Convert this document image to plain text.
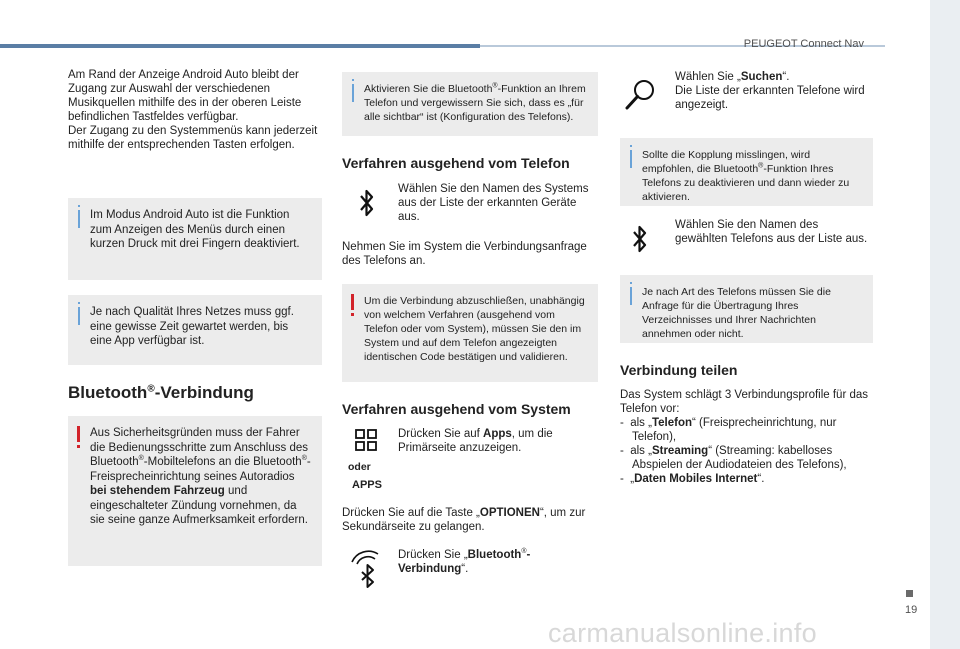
PEUGEOT Connect Nav
19
carmanualsonline.info

Am Rand der Anzeige Android Auto bleibt der Zugang zur Auswahl der verschiedenen Musikquellen mithilfe des in der oberen Leiste befindlichen Tastfeldes verfügbar.

Der Zugang zu den Systemmenüs kann jederzeit mithilfe der entsprechenden Tasten erfolgen.

Im Modus Android Auto ist die Funktion zum Anzeigen des Menüs durch einen kurzen Druck mit drei Fingern deaktiviert.
Je nach Qualität Ihres Netzes muss ggf. eine gewisse Zeit gewartet werden, bis eine App verfügbar ist.
Bluetooth®-Verbindung
Aus Sicherheitsgründen muss der Fahrer die Bedienungsschritte zum Anschluss des Bluetooth®-Mobiltelefons an die Bluetooth®-Freisprecheinrichtung seines Autoradios bei stehendem Fahrzeug und eingeschalteter Zündung vornehmen, da sie seine ganze Aufmerksamkeit erfordern.
Aktivieren Sie die Bluetooth®-Funktion an Ihrem Telefon und vergewissern Sie sich, dass es „für alle sichtbar“ ist (Konfiguration des Telefons).
Verfahren ausgehend vom Telefon
Wählen Sie den Namen des Systems aus der Liste der erkannten Geräte aus.
Nehmen Sie im System die Verbindungsanfrage des Telefons an.
Um die Verbindung abzuschließen, unabhängig von welchem Verfahren (ausgehend vom Telefon oder vom System), müssen Sie den im System und auf dem Telefon angezeigten identischen Code bestätigen und validieren.
Verfahren ausgehend vom System
oder
APPS
Drücken Sie auf Apps, um die Primärseite anzuzeigen.
Drücken Sie auf die Taste „OPTIONEN“, um zur Sekundärseite zu gelangen.
Drücken Sie „Bluetooth®-Verbindung“.
Wählen Sie „Suchen“.
Die Liste der erkannten Telefone wird angezeigt.
Sollte die Kopplung misslingen, wird empfohlen, die Bluetooth®-Funktion Ihres Telefons zu deaktivieren und dann wieder zu aktivieren.
Wählen Sie den Namen des gewählten Telefons aus der Liste aus.
Je nach Art des Telefons müssen Sie die Anfrage für die Übertragung Ihres Verzeichnisses und Ihrer Nachrichten annehmen oder nicht.
Verbindung teilen
Das System schlägt 3 Verbindungsprofile für das Telefon vor:
-  als „Telefon“ (Freisprecheinrichtung, nur Telefon),
-  als „Streaming“ (Streaming: kabelloses Abspielen der Audiodateien des Telefons),
-  „Daten Mobiles Internet“.
